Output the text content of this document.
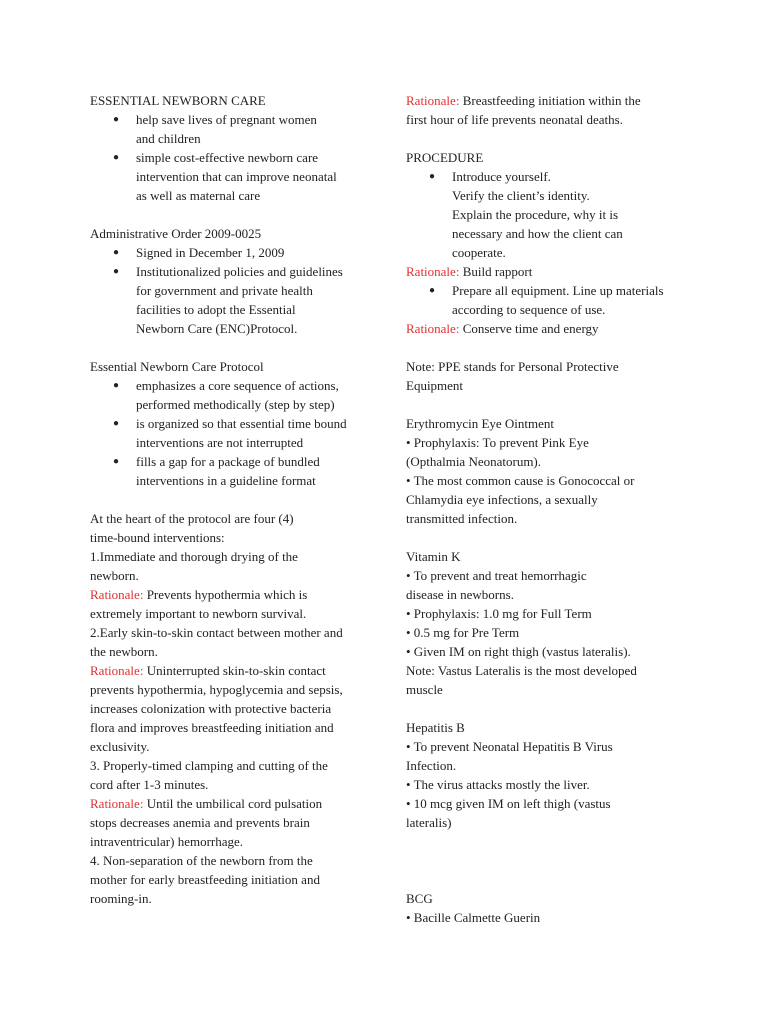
ESSENTIAL NEWBORN CARE

● help save lives of pregnant women
and children
● simple cost-effective newborn care
intervention that can improve neonatal
as well as maternal care

Administrative Order 2009-0025

● Signed in December 1, 2009
● Institutionalized policies and guidelines
for government and private health
facilities to adopt the Essential
Newborn Care (ENC)Protocol.

Essential Newborn Care Protocol

● emphasizes a core sequence of actions,
performed methodically (step by step)
● is organized so that essential time bound
interventions are not interrupted
● fills a gap for a package of bundled
interventions in a guideline format

At the heart of the protocol are four (4)
time-bound interventions:

1.Immediate and thorough drying of the
newborn.

Rationale: Prevents hypothermia which is
extremely important to newborn survival.

2.Early skin-to-skin contact between mother and
the newborn.

Rationale: Uninterrupted skin-to-skin contact
prevents hypothermia, hypoglycemia and sepsis,
increases colonization with protective bacteria
flora and improves breastfeeding initiation and
exclusivity.

3. Properly-timed clamping and cutting of the
cord after 1-3 minutes.

Rationale: Until the umbilical cord pulsation
stops decreases anemia and prevents brain
intraventricular) hemorrhage.

4. Non-separation of the newborn from the
mother for early breastfeeding initiation and
rooming-in.

Rationale: Breastfeeding initiation within the
first hour of life prevents neonatal deaths.

PROCEDURE

● Introduce yourself.
Verify the client’s identity.
Explain the procedure, why it is
necessary and how the client can
cooperate.

Rationale: Build rapport

● Prepare all equipment. Line up materials
according to sequence of use.

Rationale: Conserve time and energy

Note: PPE stands for Personal Protective
Equipment

Erythromycin Eye Ointment

• Prophylaxis: To prevent Pink Eye
(Opthalmia Neonatorum).
• The most common cause is Gonococcal or
Chlamydia eye infections, a sexually
transmitted infection.

Vitamin K

• To prevent and treat hemorrhagic
disease in newborns.
• Prophylaxis: 1.0 mg for Full Term
• 0.5 mg for Pre Term
• Given IM on right thigh (vastus lateralis).
Note: Vastus Lateralis is the most developed
muscle

Hepatitis B

• To prevent Neonatal Hepatitis B Virus
Infection.
• The virus attacks mostly the liver.
• 10 mcg given IM on left thigh (vastus
lateralis)

BCG

• Bacille Calmette Guerin
